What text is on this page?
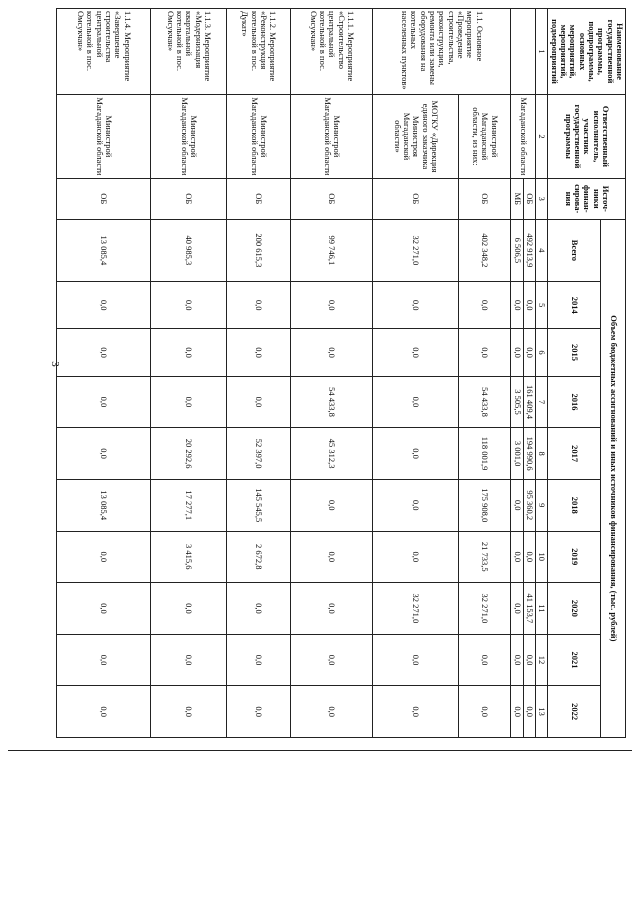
3
Наименование государственной программы, подпрограммы, основных мероприятий, мероприятий, подмероприятий	Ответственный исполнитель, участник государственной программы	Источ-ники финан-сирова-ния	Объем бюджетных ассигнований и иных источников финансирования, (тыс. рублей)									
			Всего	2014	2015	2016	2017	2018	2019	2020	2021	2022
1	2	3	4	5	6	7	8	9	10	11	12	13
	Магаданской области	ОБ	492 913,9	0,0	0,0	161 409,4	194 990,6	95 360,2	0,0	41 153,7	0,0	0,0
		МБ	6 506,5	0,0	0,0	3 505,5	3 001,0	0,0	0,0	0,0	0,0	0,0
1.1. Основное мероприятие «Проведение строительства, реконструкции, ремонта или замены оборудования на котельных населенных пунктов»	Министрой Магаданской области, из них:	ОБ	402 348,2	0,0	0,0	54 433,8	118 001,9	175 908,0	21 733,5	32 271,0	0,0	0,0
	МОГКУ «Дирекция единого заказчика Министроя Магаданской области»	ОБ	32 271,0	0,0	0,0	0,0	0,0	0,0	0,0	32 271,0	0,0	0,0
1.1.1. Мероприятие «Строительство центральной котельной в пос. Омсукчан»	Министрой Магаданской области	ОБ	99 746,1	0,0	0,0	54 433,8	45 312,3	0,0	0,0	0,0	0,0	0,0
1.1.2. Мероприятие «Реконструкция котельной в пос. Дукат»	Министрой Магаданской области	ОБ	200 615,3	0,0	0,0	0,0	52 397,0	145 545,5	2 672,8	0,0	0,0	0,0
1.1.3. Мероприятие «Модернизация квартальной котельной в пос. Омсукчан»	Министрой Магаданской области	ОБ	40 985,3	0,0	0,0	0,0	20 292,6	17 277,1	3 415,6	0,0	0,0	0,0
1.1.4. Мероприятие «Завершение строительства центральной котельной в пос. Омсукчан»	Министрой Магаданской области	ОБ	13 085,4	0,0	0,0	0,0	0,0	13 085,4	0,0	0,0	0,0	0,0
